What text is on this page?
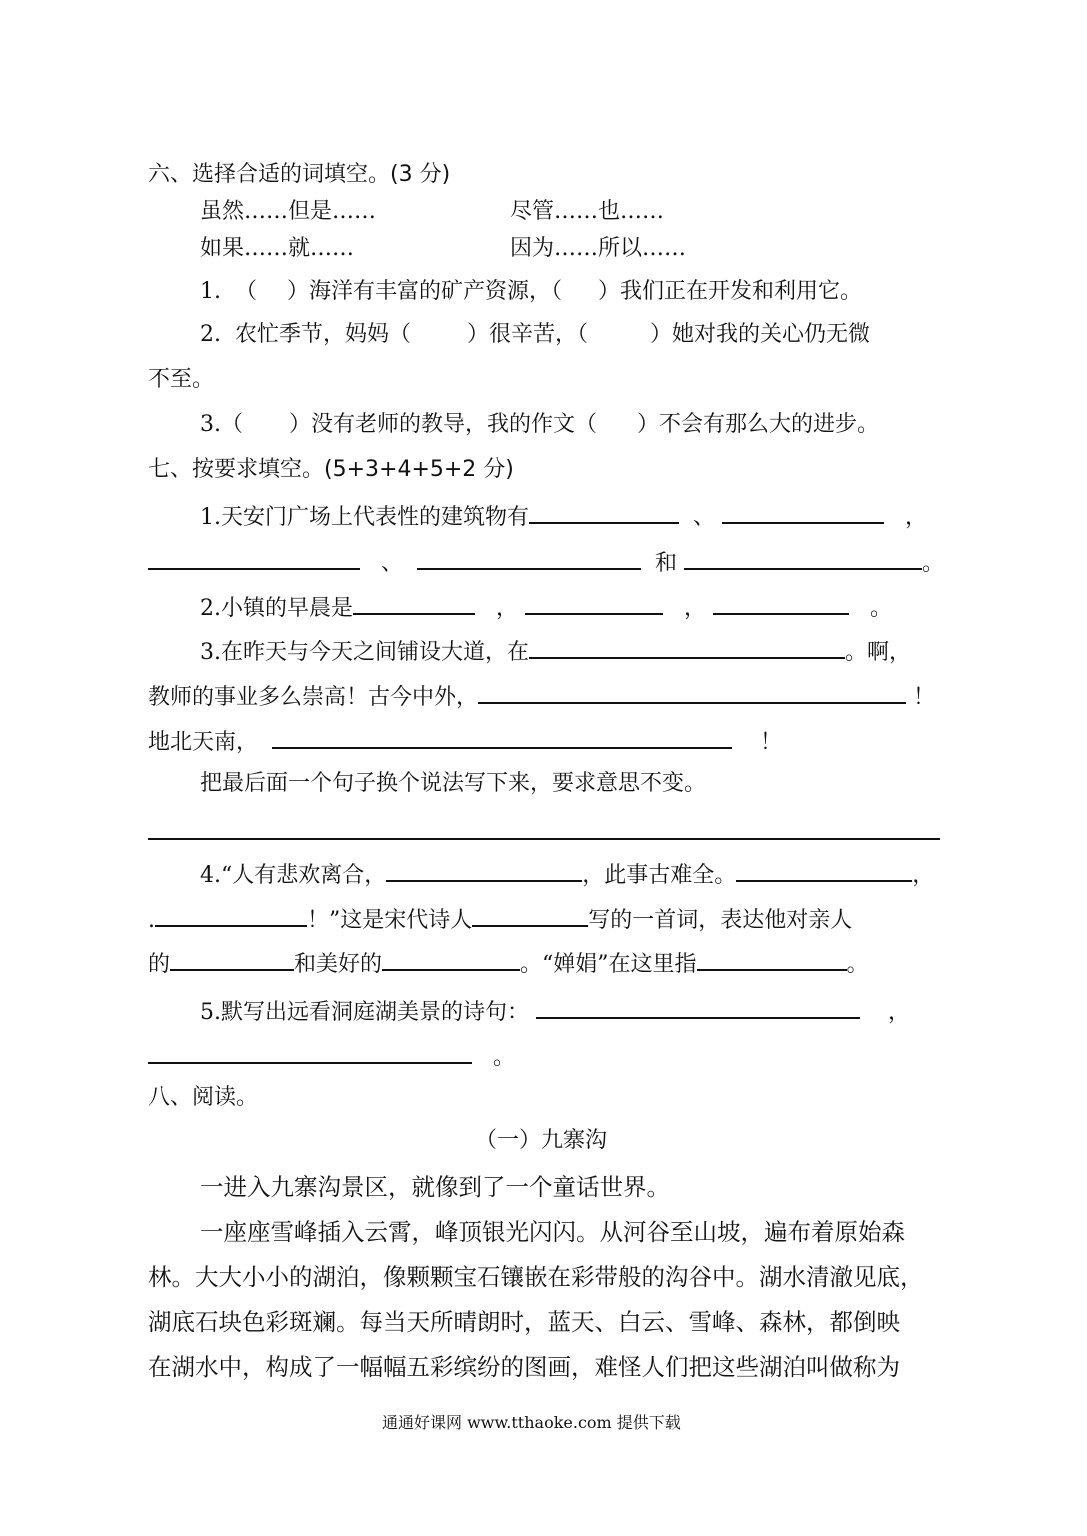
六、选择合适的词填空。(3 分)
虽然……但是……	尽管……也……
如果……就……	因为……所以……
1. （ ）海洋有丰富的矿产资源，（ ）我们正在开发和利用它。
2. 农忙季节，妈妈（	）很辛苦，（	）她对我的关心仍无微
不至。
3.（ ）没有老师的教导，我的作文（ ）不会有那么大的进步。
七、按要求填空。(5+3+4+5+2 分)
1.天安门广场上代表性的建筑物有	、	，
、	和	。
2.小镇的早晨是	，	，	。
3.在昨天与今天之间铺设大道，在	。啊，
教师的事业多么崇高！古今中外，	！
地北天南，	！
把最后面一个句子换个说法写下来，要求意思不变。
4.“人有悲欢离合，	，此事古难全。	，
.	！”这是宋代诗人	写的一首词，表达他对亲人
的	和美好的	。“婵娟”在这里指	。
5.默写出远看洞庭湖美景的诗句：	，
。
八、阅读。
（一）九寨沟
一进入九寨沟景区，就像到了一个童话世界。
一座座雪峰插入云霄，峰顶银光闪闪。从河谷至山坡，遍布着原始森
林。大大小小的湖泊，像颗颗宝石镶嵌在彩带般的沟谷中。湖水清澈见底，
湖底石块色彩斑斓。每当天所晴朗时，蓝天、白云、雪峰、森林，都倒映
在湖水中，构成了一幅幅五彩缤纷的图画，难怪人们把这些湖泊叫做称为
通通好课网 www.tthaoke.com 提供下载
